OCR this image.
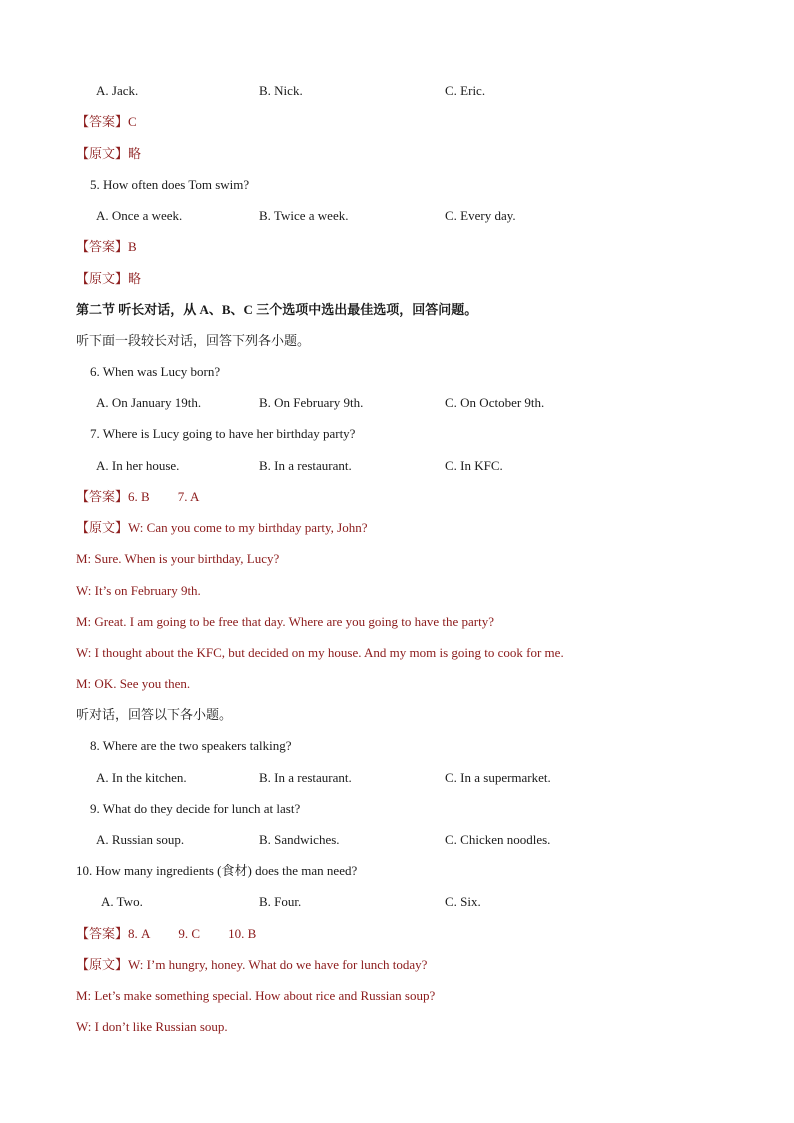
A. Jack.	B. Nick.	C. Eric.
【答案】C
【原文】略
5. How often does Tom swim?
A. Once a week.	B. Twice a week.	C. Every day.
【答案】B
【原文】略
第二节 听长对话，从 A、B、C 三个选项中选出最佳选项，回答问题。
听下面一段较长对话，回答下列各小题。
6. When was Lucy born?
A. On January 19th.	B. On February 9th.	C. On October 9th.
7. Where is Lucy going to have her birthday party?
A. In her house.	B. In a restaurant.	C. In KFC.
【答案】6. B 7. A
【原文】W: Can you come to my birthday party, John?
M: Sure. When is your birthday, Lucy?
W: It’s on February 9th.
M: Great. I am going to be free that day. Where are you going to have the party?
W: I thought about the KFC, but decided on my house. And my mom is going to cook for me.
M: OK. See you then.
听对话，回答以下各小题。
8. Where are the two speakers talking?
A. In the kitchen.	B. In a restaurant.	C. In a supermarket.
9. What do they decide for lunch at last?
A. Russian soup.	B. Sandwiches.	C. Chicken noodles.
10. How many ingredients (食材) does the man need?
A. Two.	B. Four.	C. Six.
【答案】8. A 9. C 10. B
【原文】W: I’m hungry, honey. What do we have for lunch today?
M: Let’s make something special. How about rice and Russian soup?
W: I don’t like Russian soup.
